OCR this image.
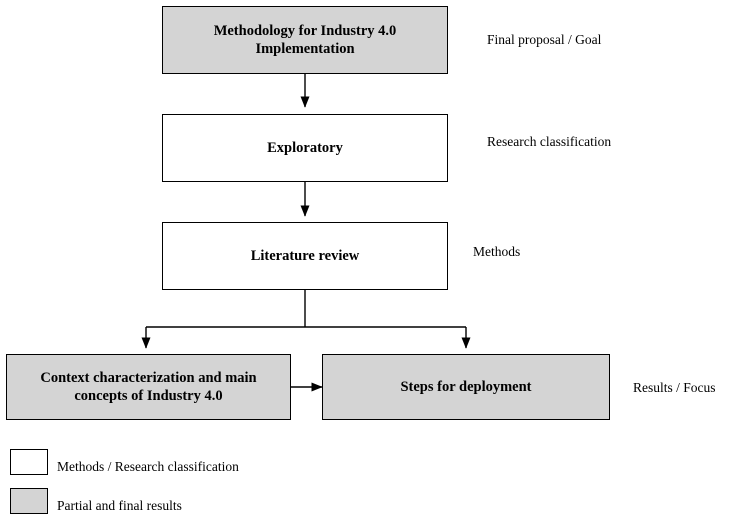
Methodology for Industry 4.0 Implementation
Exploratory
Literature review
Context characterization and main concepts of Industry 4.0
Steps for deployment
Final proposal / Goal
Research classification
Methods
Results / Focus
Methods / Research classification
Partial and final results
